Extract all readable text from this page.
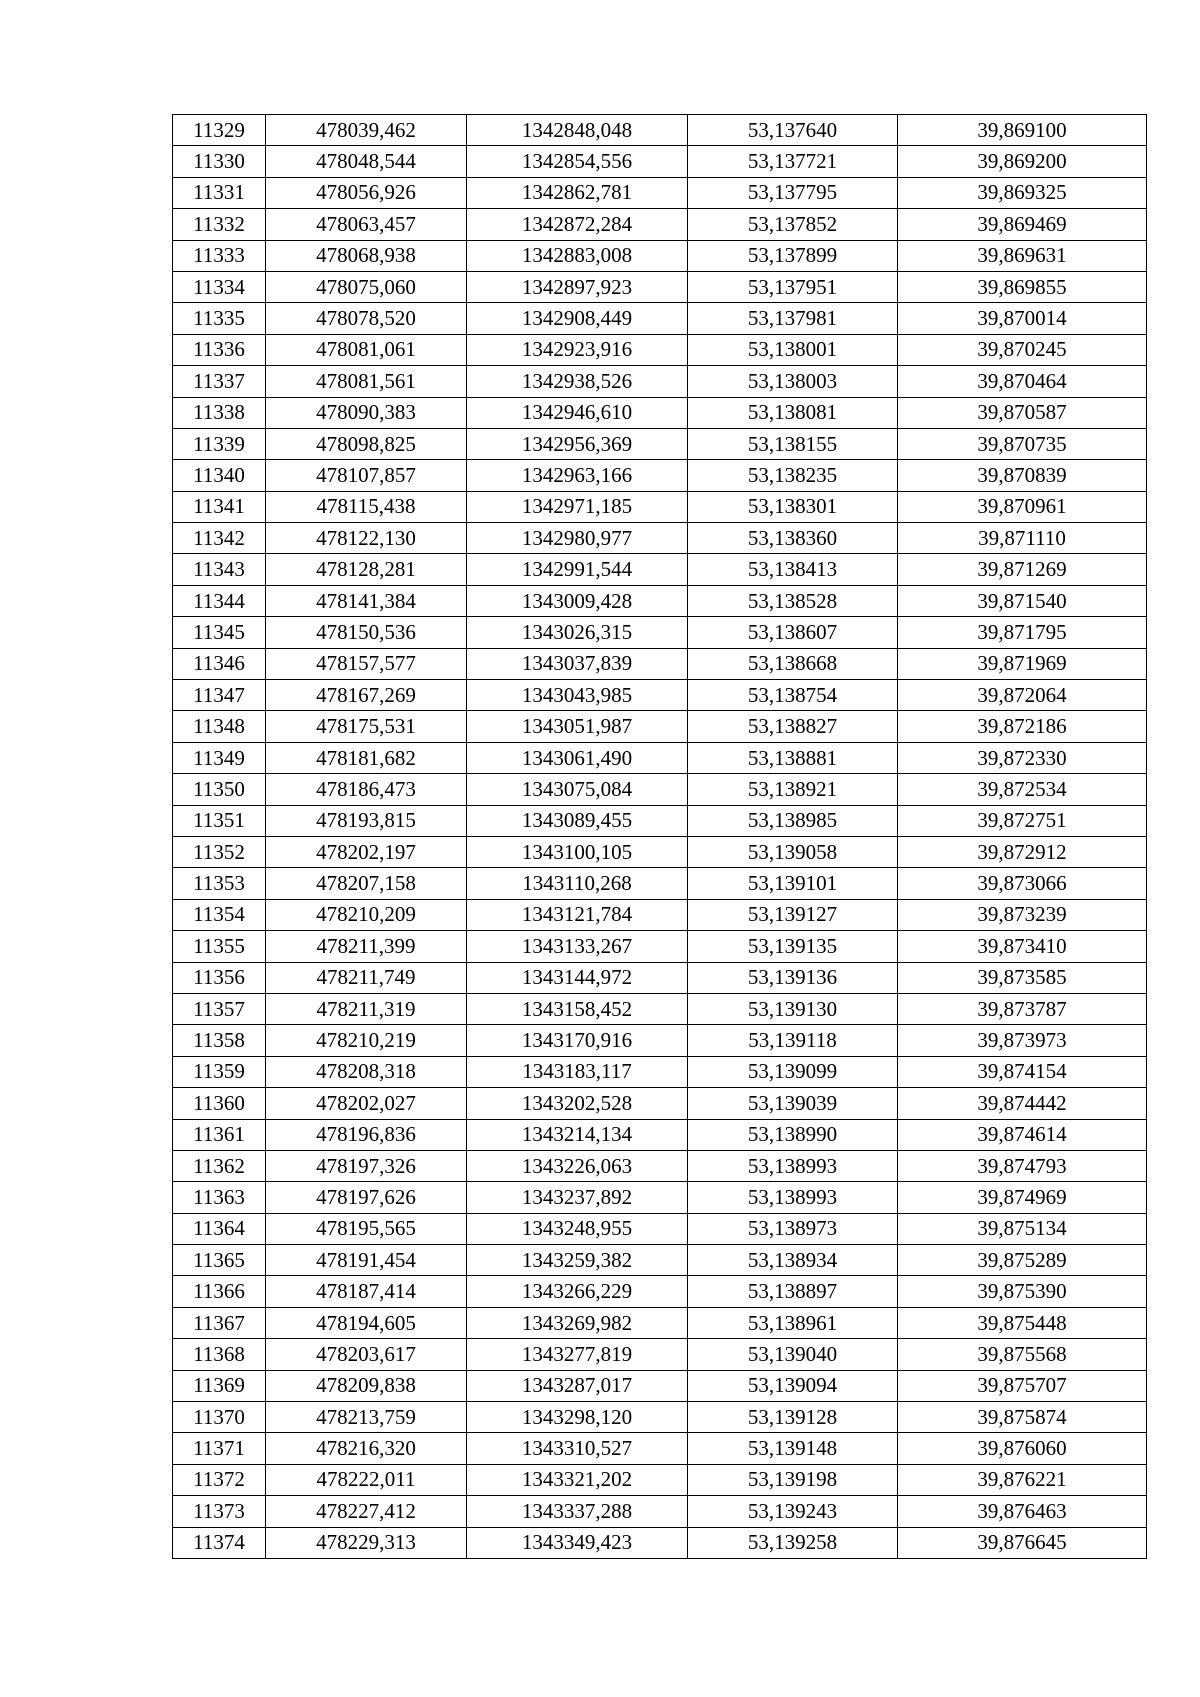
11329	478039,462	1342848,048	53,137640	39,869100
11330	478048,544	1342854,556	53,137721	39,869200
11331	478056,926	1342862,781	53,137795	39,869325
11332	478063,457	1342872,284	53,137852	39,869469
11333	478068,938	1342883,008	53,137899	39,869631
11334	478075,060	1342897,923	53,137951	39,869855
11335	478078,520	1342908,449	53,137981	39,870014
11336	478081,061	1342923,916	53,138001	39,870245
11337	478081,561	1342938,526	53,138003	39,870464
11338	478090,383	1342946,610	53,138081	39,870587
11339	478098,825	1342956,369	53,138155	39,870735
11340	478107,857	1342963,166	53,138235	39,870839
11341	478115,438	1342971,185	53,138301	39,870961
11342	478122,130	1342980,977	53,138360	39,871110
11343	478128,281	1342991,544	53,138413	39,871269
11344	478141,384	1343009,428	53,138528	39,871540
11345	478150,536	1343026,315	53,138607	39,871795
11346	478157,577	1343037,839	53,138668	39,871969
11347	478167,269	1343043,985	53,138754	39,872064
11348	478175,531	1343051,987	53,138827	39,872186
11349	478181,682	1343061,490	53,138881	39,872330
11350	478186,473	1343075,084	53,138921	39,872534
11351	478193,815	1343089,455	53,138985	39,872751
11352	478202,197	1343100,105	53,139058	39,872912
11353	478207,158	1343110,268	53,139101	39,873066
11354	478210,209	1343121,784	53,139127	39,873239
11355	478211,399	1343133,267	53,139135	39,873410
11356	478211,749	1343144,972	53,139136	39,873585
11357	478211,319	1343158,452	53,139130	39,873787
11358	478210,219	1343170,916	53,139118	39,873973
11359	478208,318	1343183,117	53,139099	39,874154
11360	478202,027	1343202,528	53,139039	39,874442
11361	478196,836	1343214,134	53,138990	39,874614
11362	478197,326	1343226,063	53,138993	39,874793
11363	478197,626	1343237,892	53,138993	39,874969
11364	478195,565	1343248,955	53,138973	39,875134
11365	478191,454	1343259,382	53,138934	39,875289
11366	478187,414	1343266,229	53,138897	39,875390
11367	478194,605	1343269,982	53,138961	39,875448
11368	478203,617	1343277,819	53,139040	39,875568
11369	478209,838	1343287,017	53,139094	39,875707
11370	478213,759	1343298,120	53,139128	39,875874
11371	478216,320	1343310,527	53,139148	39,876060
11372	478222,011	1343321,202	53,139198	39,876221
11373	478227,412	1343337,288	53,139243	39,876463
11374	478229,313	1343349,423	53,139258	39,876645
